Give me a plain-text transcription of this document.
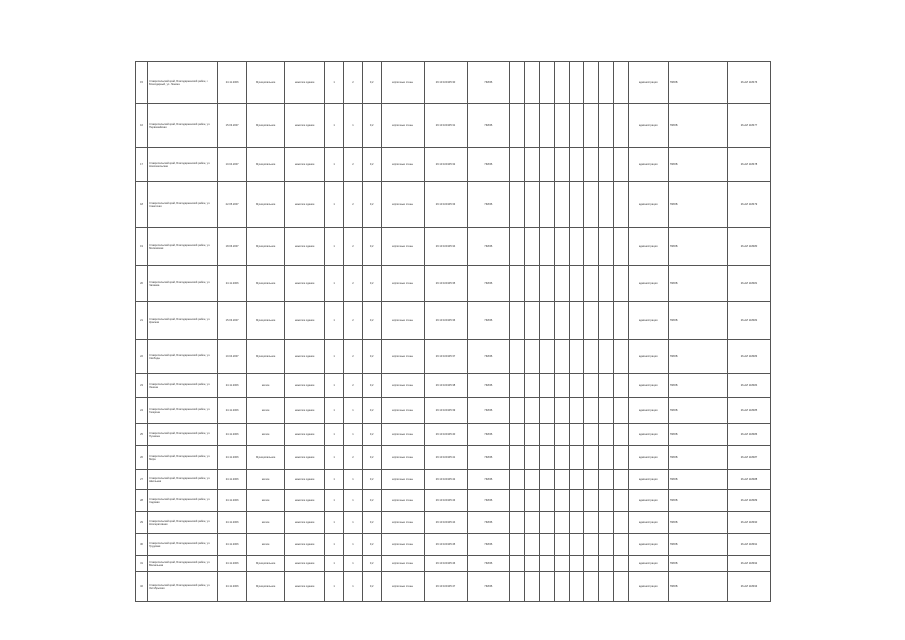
15	Ставропольский край, Благодарненский район, г. Благодарный, ул. Ленина	24.11.2006	Муниципальное	нежилое здание	1	2	0,2	кирпичные стены	26:13:100105:30	ПМОБ									администрация	ПМОБ	26-АИ 118476
16	Ставропольский край, Благодарненский район, ул. Первомайская	15.03.2007	Муниципальное	нежилое здание	1	1	0,2	кирпичные стены	26:13:100105:31	ПМОБ									администрация	ПМОБ	26-АИ 118477
17	Ставропольский край, Благодарненский район, ул. Комсомольская	10.04.2007	Муниципальное	нежилое здание	1	2	0,2	кирпичные стены	26:13:100105:32	ПМОБ									администрация	ПМОБ	26-АИ 118478
18	Ставропольский край, Благодарненский район, ул. Советская	22.05.2007	Муниципальное	нежилое здание	1	2	0,2	кирпичные стены	26:13:100105:33	ПМОБ									администрация	ПМОБ	26-АИ 118479
19	Ставропольский край, Благодарненский район, ул. Московская	18.06.2007	Муниципальное	нежилое здание	1	2	0,2	кирпичные стены	26:13:100105:34	ПМОБ									администрация	ПМОБ	26-АИ 118480
20	Ставропольский край, Благодарненский район, ул. Чапаева	24.11.2006	Муниципальное	нежилое здание	1	2	0,2	кирпичные стены	26:13:100105:35	ПМОБ									администрация	ПМОБ	26-АИ 118481
21	Ставропольский край, Благодарненский район, ул. Красная	15.03.2007	Муниципальное	нежилое здание	1	2	0,2	кирпичные стены	26:13:100105:36	ПМОБ									администрация	ПМОБ	26-АИ 118482
22	Ставропольский край, Благодарненский район, ул. Свободы	10.04.2007	Муниципальное	нежилое здание	1	2	0,2	кирпичные стены	26:13:100105:37	ПМОБ									администрация	ПМОБ	26-АИ 118483
23	Ставропольский край, Благодарненский район, ул. Ленина	24.11.2006	жилое	нежилое здание	1	2	0,2	кирпичные стены	26:13:100105:38	ПМОБ									администрация	ПМОБ	26-АИ 118484
24	Ставропольский край, Благодарненский район, ул. Гагарина	24.11.2006	жилое	нежилое здание	1	1	0,2	кирпичные стены	26:13:100105:39	ПМОБ									администрация	ПМОБ	26-АИ 118485
25	Ставропольский край, Благодарненский район, ул. Пушкина	24.11.2006	жилое	нежилое здание	1	1	0,2	кирпичные стены	26:13:100105:40	ПМОБ									администрация	ПМОБ	26-АИ 118486
26	Ставропольский край, Благодарненский район, ул. Мира	24.11.2006	Муниципальное	нежилое здание	1	2	0,2	кирпичные стены	26:13:100105:41	ПМОБ									администрация	ПМОБ	26-АИ 118487
27	Ставропольский край, Благодарненский район, ул. Школьная	24.11.2006	жилое	нежилое здание	1	1	0,2	кирпичные стены	26:13:100105:42	ПМОБ									администрация	ПМОБ	26-АИ 118488
28	Ставропольский край, Благодарненский район, ул. Садовая	24.11.2006	жилое	нежилое здание	1	1	0,2	кирпичные стены	26:13:100105:43	ПМОБ									администрация	ПМОБ	26-АИ 118489
29	Ставропольский край, Благодарненский район, ул. Кооперативная	24.11.2006	жилое	нежилое здание	1	1	0,2	кирпичные стены	26:13:100105:44	ПМОБ									администрация	ПМОБ	26-АИ 118490
30	Ставропольский край, Благодарненский район, ул. Трудовая	24.11.2006	жилое	нежилое здание	1	1	0,2	кирпичные стены	26:13:100105:45	ПМОБ									администрация	ПМОБ	26-АИ 118491
31	Ставропольский край, Благодарненский район, ул. Вокзальная	24.11.2006	Муниципальное	нежилое здание	1	1	0,2	кирпичные стены	26:13:100105:46	ПМОБ									администрация	ПМОБ	26-АИ 118492
32	Ставропольский край, Благодарненский район, ул. Октябрьская	24.11.2006	Муниципальное	нежилое здание	1	1	0,2	кирпичные стены	26:13:100105:47	ПМОБ									администрация	ПМОБ	26-АИ 118493
